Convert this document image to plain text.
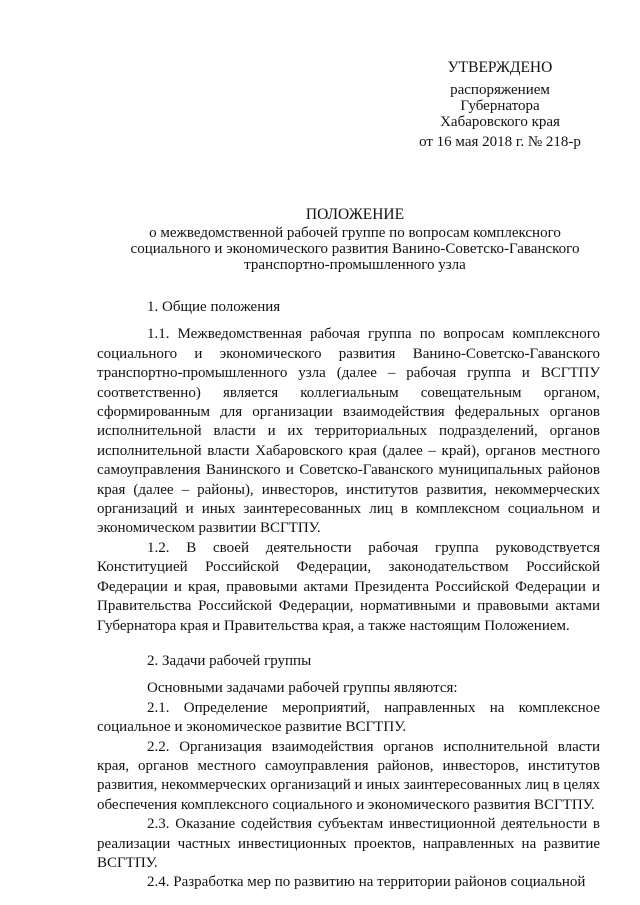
УТВЕРЖДЕНО
распоряжением
Губернатора
Хабаровского края
от 16 мая 2018 г. № 218-р
ПОЛОЖЕНИЕ
о межведомственной рабочей группе по вопросам комплексного социального и экономического развития Ванино-Советско-Гаванского транспортно-промышленного узла

1. Общие положения

1.1. Межведомственная рабочая группа по вопросам комплексного социального и экономического развития Ванино-Советско-Гаванского транспортно-промышленного узла (далее – рабочая группа и ВСГТПУ соответственно) является коллегиальным совещательным органом, сформированным для организации взаимодействия федеральных органов исполнительной власти и их территориальных подразделений, органов исполнительной власти Хабаровского края (далее – край), органов местного самоуправления Ванинского и Советско-Гаванского муниципальных районов края (далее – районы), инвесторов, институтов развития, некоммерческих организаций и иных заинтересованных лиц в комплексном социальном и экономическом развитии ВСГТПУ.

1.2. В своей деятельности рабочая группа руководствуется Конституцией Российской Федерации, законодательством Российской Федерации и края, правовыми актами Президента Российской Федерации и Правительства Российской Федерации, нормативными и правовыми актами Губернатора края и Правительства края, а также настоящим Положением.

2. Задачи рабочей группы

Основными задачами рабочей группы являются:

2.1. Определение мероприятий, направленных на комплексное социальное и экономическое развитие ВСГТПУ.

2.2. Организация взаимодействия органов исполнительной власти края, органов местного самоуправления районов, инвесторов, институтов развития, некоммерческих организаций и иных заинтересованных лиц в целях обеспечения комплексного социального и экономического развития ВСГТПУ.

2.3. Оказание содействия субъектам инвестиционной деятельности в реализации частных инвестиционных проектов, направленных на развитие ВСГТПУ.

2.4. Разработка мер по развитию на территории районов социальной
